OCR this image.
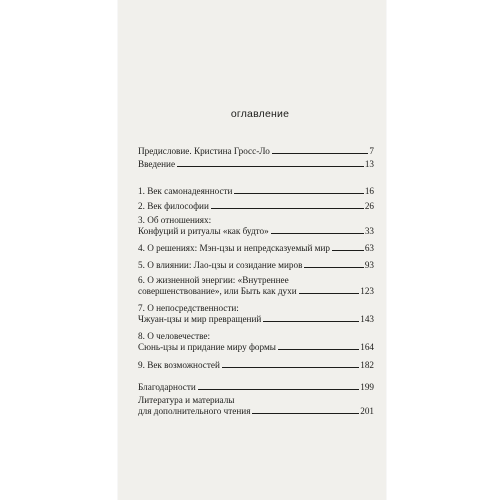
оглавление
Предисловие. Кристина Гросс-Ло	7
Введение	13
1. Век самонадеянности	16
2. Век философии	26
3. Об отношениях:
Конфуций и ритуалы «как будто»	33
4. О решениях: Мэн-цзы и непредсказуемый мир	63
5. О влиянии: Лао-цзы и созидание миров	93
6. О жизненной энергии: «Внутреннее
совершенствование», или Быть как духи	123
7. О непосредственности:
Чжуан-цзы и мир превращений	143
8. О человечестве:
Сюнь-цзы и придание миру формы	164
9. Век возможностей	182
Благодарности	199
Литература и материалы
для дополнительного чтения	201
